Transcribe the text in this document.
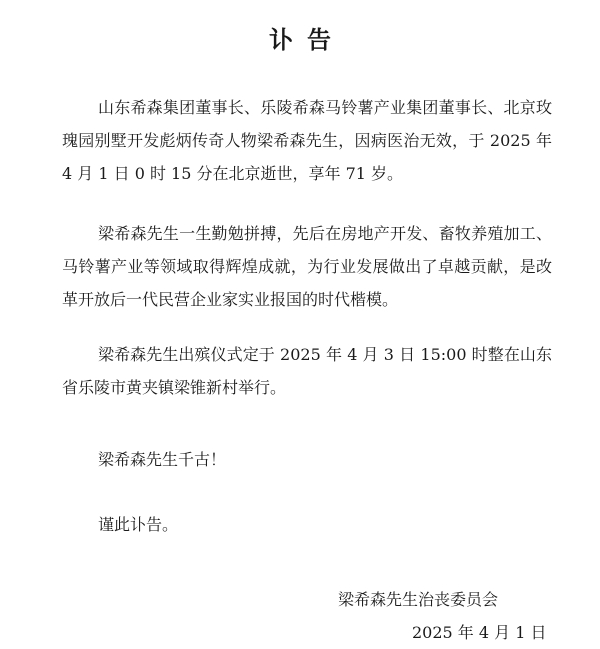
讣告

山东希森集团董事长、乐陵希森马铃薯产业集团董事长、北京玫瑰园别墅开发彪炳传奇人物梁希森先生，因病医治无效，于 2025 年 4 月 1 日 0 时 15 分在北京逝世，享年 71 岁。

梁希森先生一生勤勉拼搏，先后在房地产开发、畜牧养殖加工、马铃薯产业等领域取得辉煌成就，为行业发展做出了卓越贡献，是改革开放后一代民营企业家实业报国的时代楷模。

梁希森先生出殡仪式定于 2025 年 4 月 3 日 15:00 时整在山东省乐陵市黄夹镇梁锥新村举行。

梁希森先生千古！

谨此讣告。

梁希森先生治丧委员会
2025 年 4 月 1 日
